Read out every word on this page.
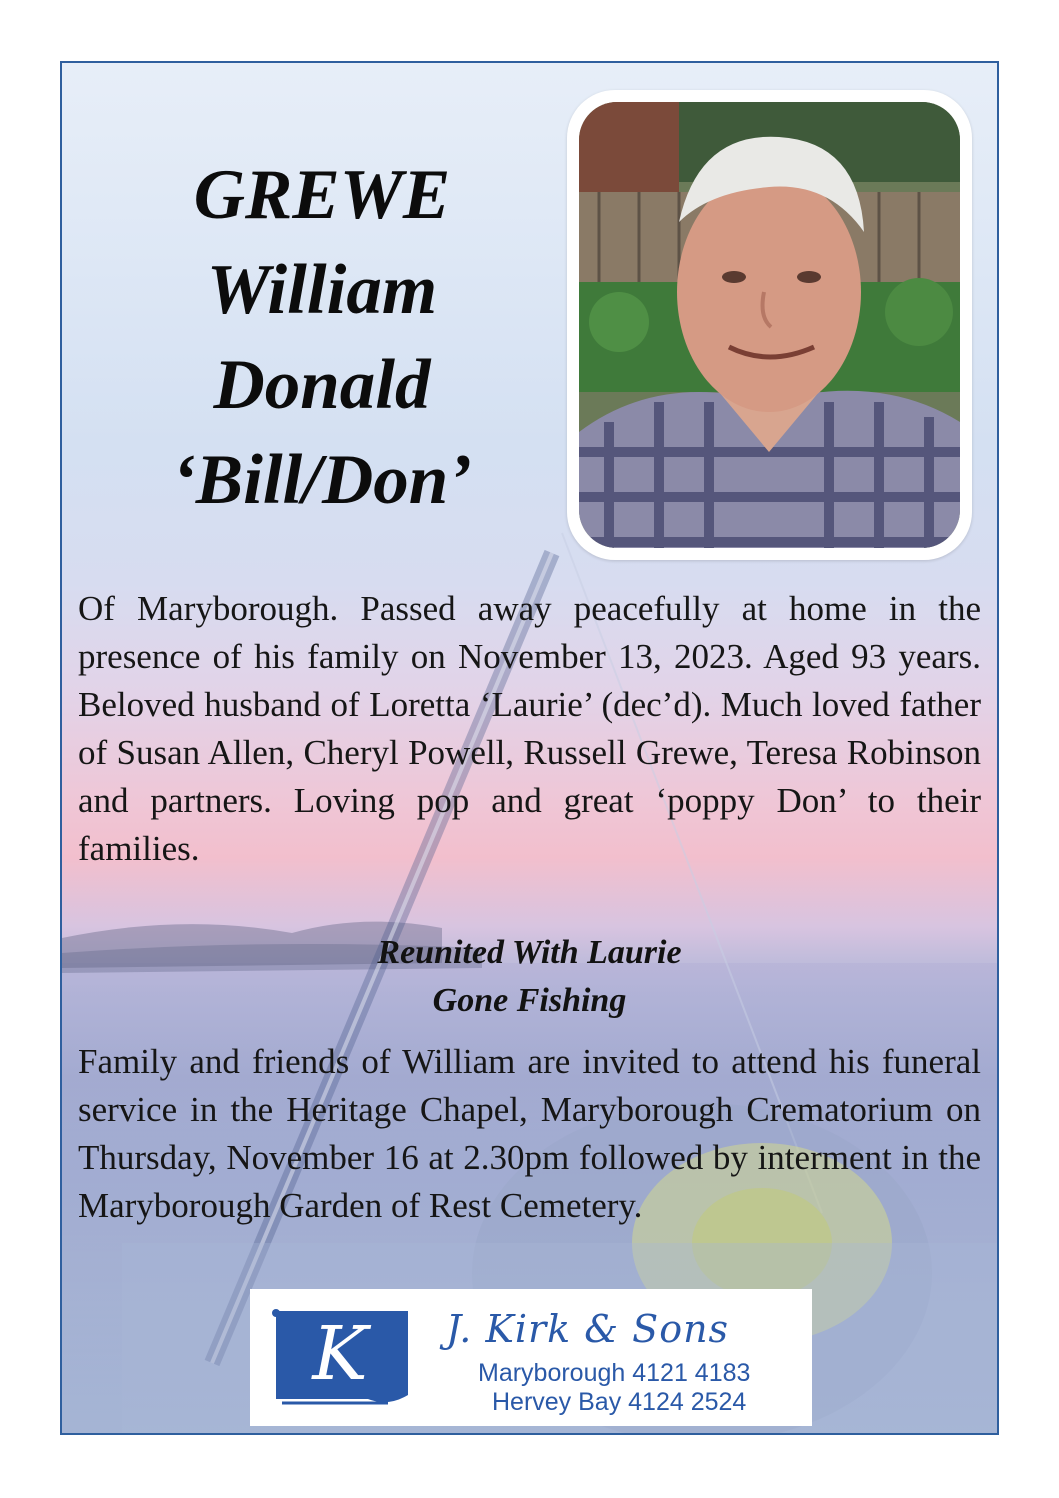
GREWE
William
Donald
‘Bill/Don’
Of Maryborough. Passed away peacefully at home in the presence of his family on November 13, 2023. Aged 93 years. Beloved husband of Loretta ‘Laurie’ (dec’d). Much loved father of Susan Allen, Cheryl Powell, Russell Grewe, Teresa Robinson and partners. Loving pop and great ‘poppy Don’ to their families.
Reunited With Laurie
Gone Fishing
Family and friends of William are invited to attend his funeral service in the Heritage Chapel, Maryborough Crematorium on Thursday, November 16 at 2.30pm followed by interment in the Maryborough Garden of Rest Cemetery.
K J. Kirk & Sons
Maryborough 4121 4183
Hervey Bay 4124 2524
